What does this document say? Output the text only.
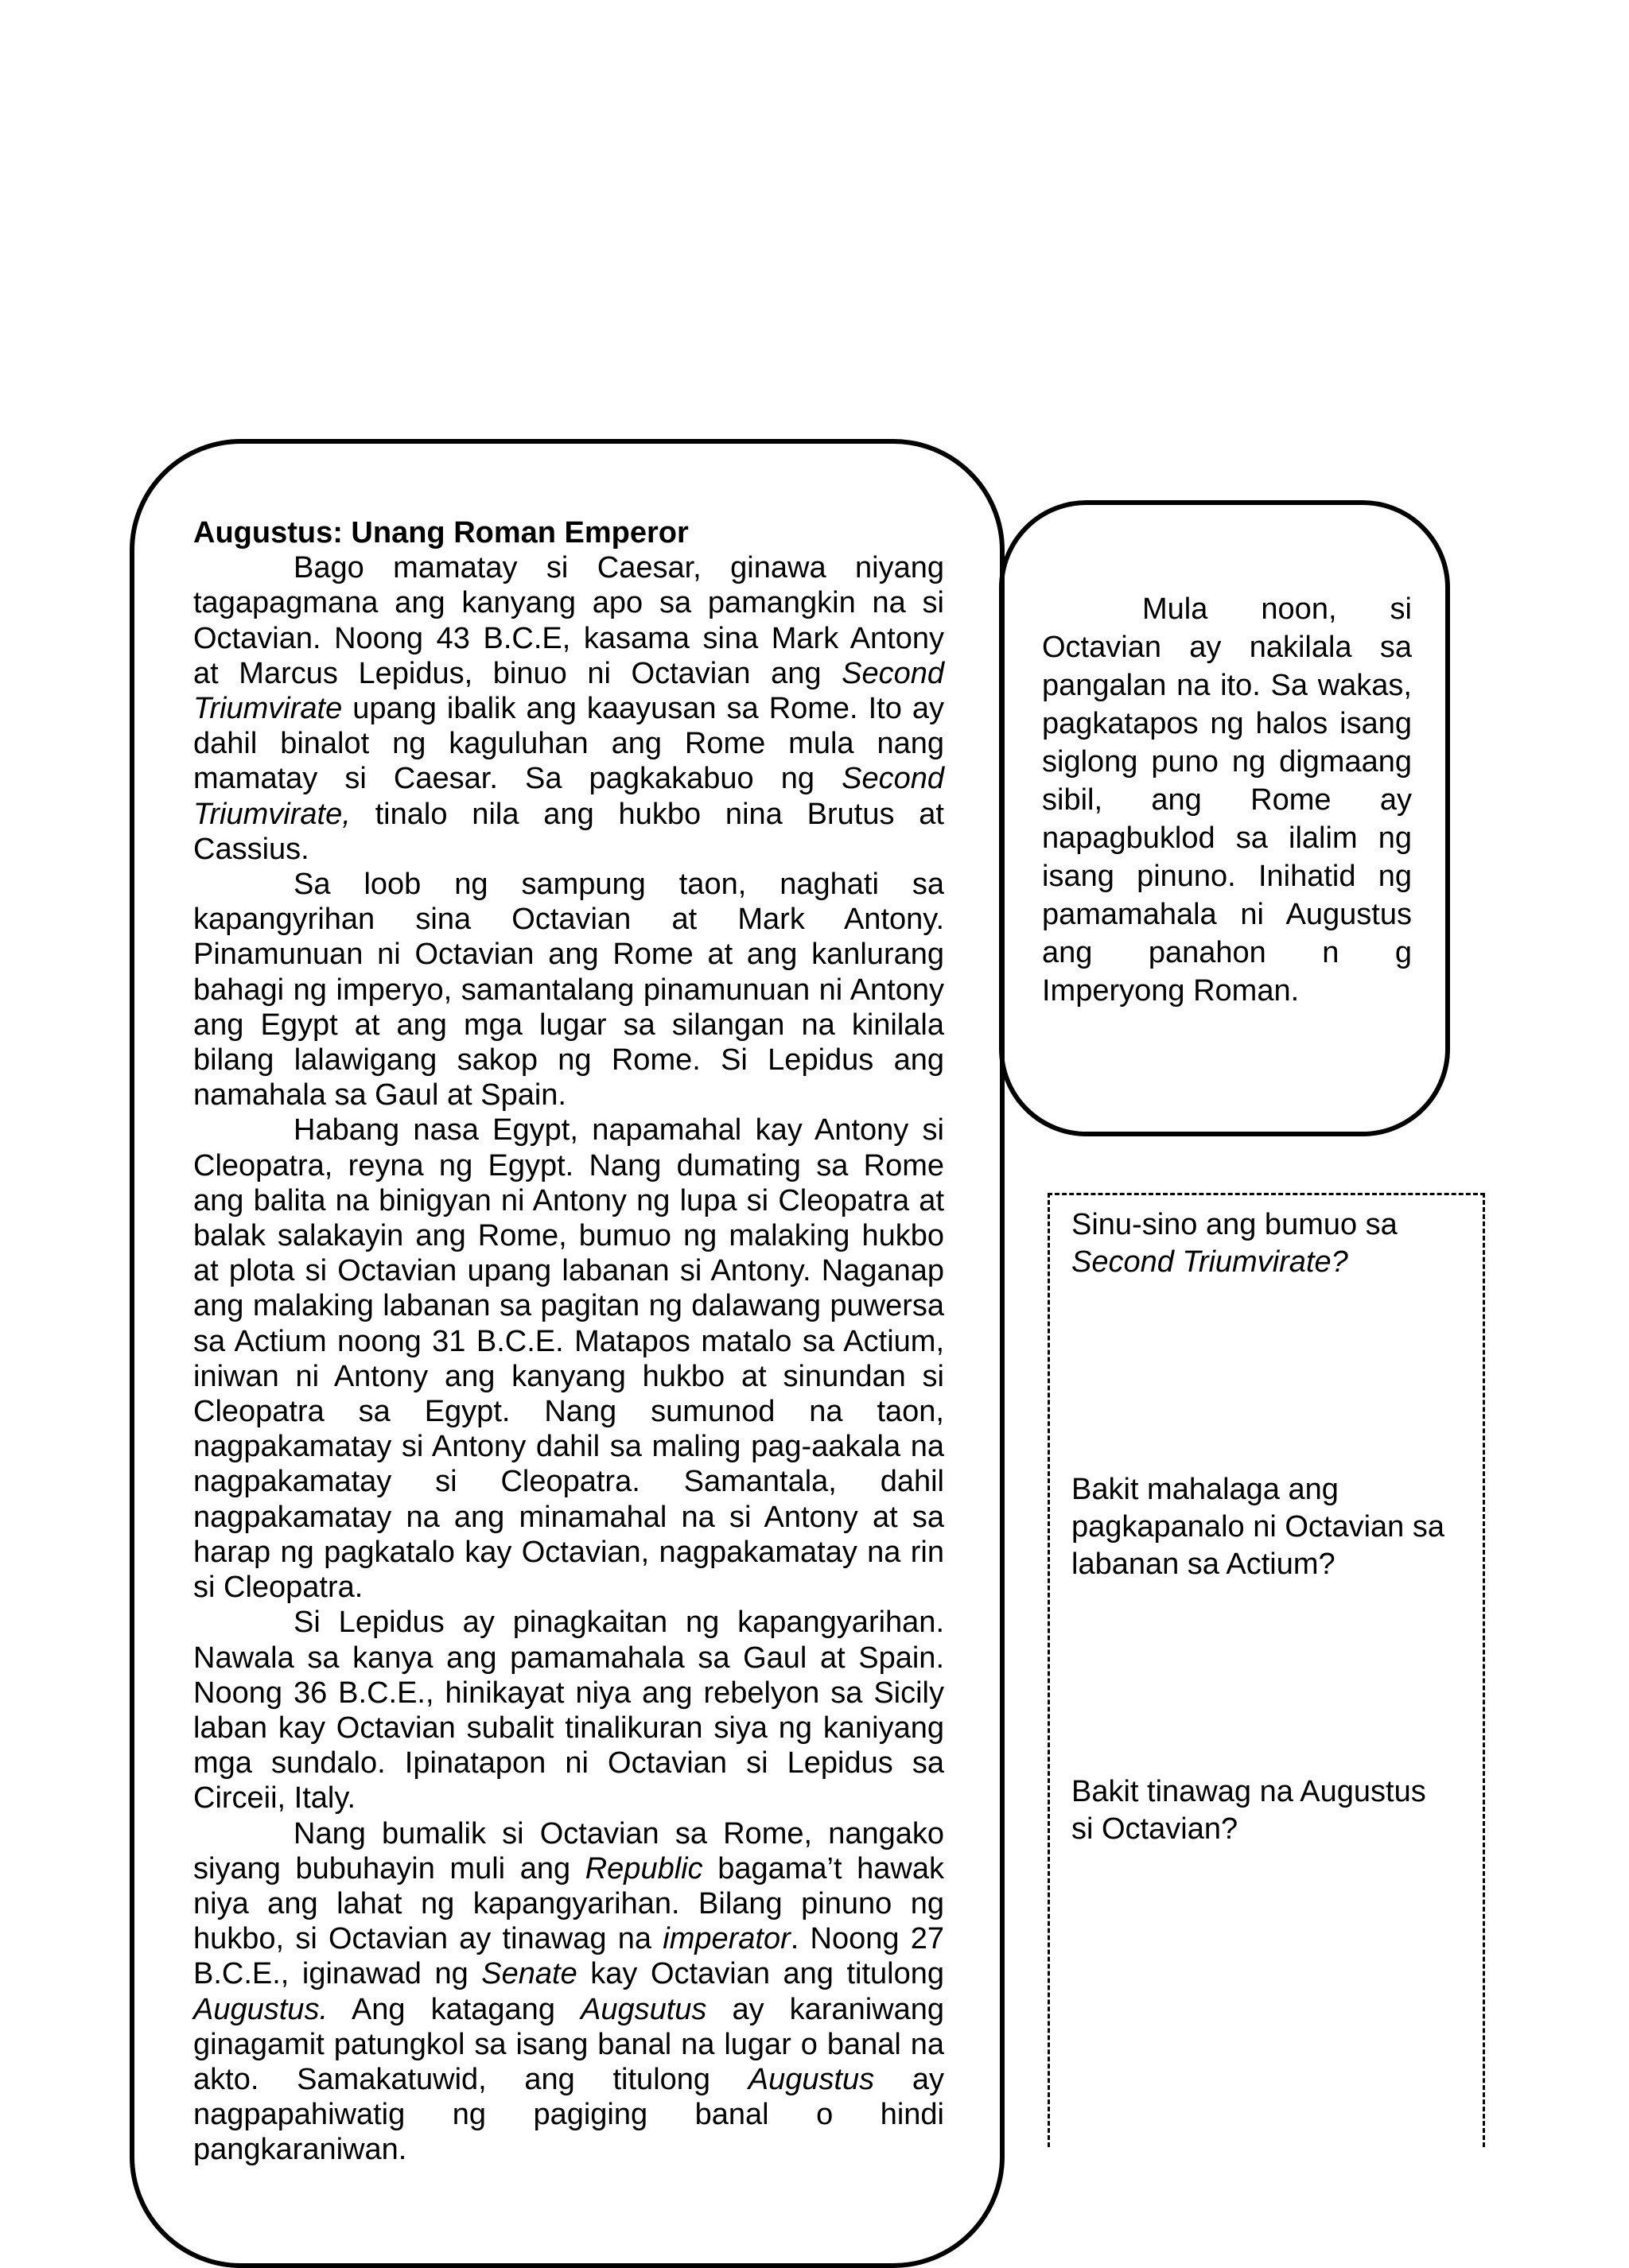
Augustus: Unang Roman Emperor

Bago mamatay si Caesar, ginawa niyang tagapagmana ang kanyang apo sa pamangkin na si Octavian. Noong 43 B.C.E, kasama sina Mark Antony at Marcus Lepidus, binuo ni Octavian ang Second Triumvirate upang ibalik ang kaayusan sa Rome. Ito ay dahil binalot ng kaguluhan ang Rome mula nang mamatay si Caesar. Sa pagkakabuo ng Second Triumvirate, tinalo nila ang hukbo nina Brutus at Cassius.

Sa loob ng sampung taon, naghati sa kapangyrihan sina Octavian at Mark Antony. Pinamunuan ni Octavian ang Rome at ang kanlurang bahagi ng imperyo, samantalang pinamunuan ni Antony ang Egypt at ang mga lugar sa silangan na kinilala bilang lalawigang sakop ng Rome. Si Lepidus ang namahala sa Gaul at Spain.

Habang nasa Egypt, napamahal kay Antony si Cleopatra, reyna ng Egypt. Nang dumating sa Rome ang balita na binigyan ni Antony ng lupa si Cleopatra at balak salakayin ang Rome, bumuo ng malaking hukbo at plota si Octavian upang labanan si Antony. Naganap ang malaking labanan sa pagitan ng dalawang puwersa sa Actium noong 31 B.C.E. Matapos matalo sa Actium, iniwan ni Antony ang kanyang hukbo at sinundan si Cleopatra sa Egypt. Nang sumunod na taon, nagpakamatay si Antony dahil sa maling pag-aakala na nagpakamatay si Cleopatra. Samantala, dahil nagpakamatay na ang minamahal na si Antony at sa harap ng pagkatalo kay Octavian, nagpakamatay na rin si Cleopatra.

Si Lepidus ay pinagkaitan ng kapangyarihan. Nawala sa kanya ang pamamahala sa Gaul at Spain. Noong 36 B.C.E., hinikayat niya ang rebelyon sa Sicily laban kay Octavian subalit tinalikuran siya ng kaniyang mga sundalo. Ipinatapon ni Octavian si Lepidus sa Circeii, Italy.

Nang bumalik si Octavian sa Rome, nangako siyang bubuhayin muli ang Republic bagama’t hawak niya ang lahat ng kapangyarihan. Bilang pinuno ng hukbo, si Octavian ay tinawag na imperator. Noong 27 B.C.E., iginawad ng Senate kay Octavian ang titulong Augustus. Ang katagang Augsutus ay karaniwang ginagamit patungkol sa isang banal na lugar o banal na akto. Samakatuwid, ang titulong Augustus ay nagpapahiwatig ng pagiging banal o hindi pangkaraniwan.

Mula noon, si Octavian ay nakilala sa pangalan na ito. Sa wakas, pagkatapos ng halos isang siglong puno ng digmaang sibil, ang Rome ay napagbuklod sa ilalim ng isang pinuno. Inihatid ng pamamahala ni Augustus ang panahon n g Imperyong Roman.

Sinu-sino ang bumuo sa Second Triumvirate?

Bakit mahalaga ang pagkapanalo ni Octavian sa labanan sa Actium?

Bakit tinawag na Augustus si Octavian?
